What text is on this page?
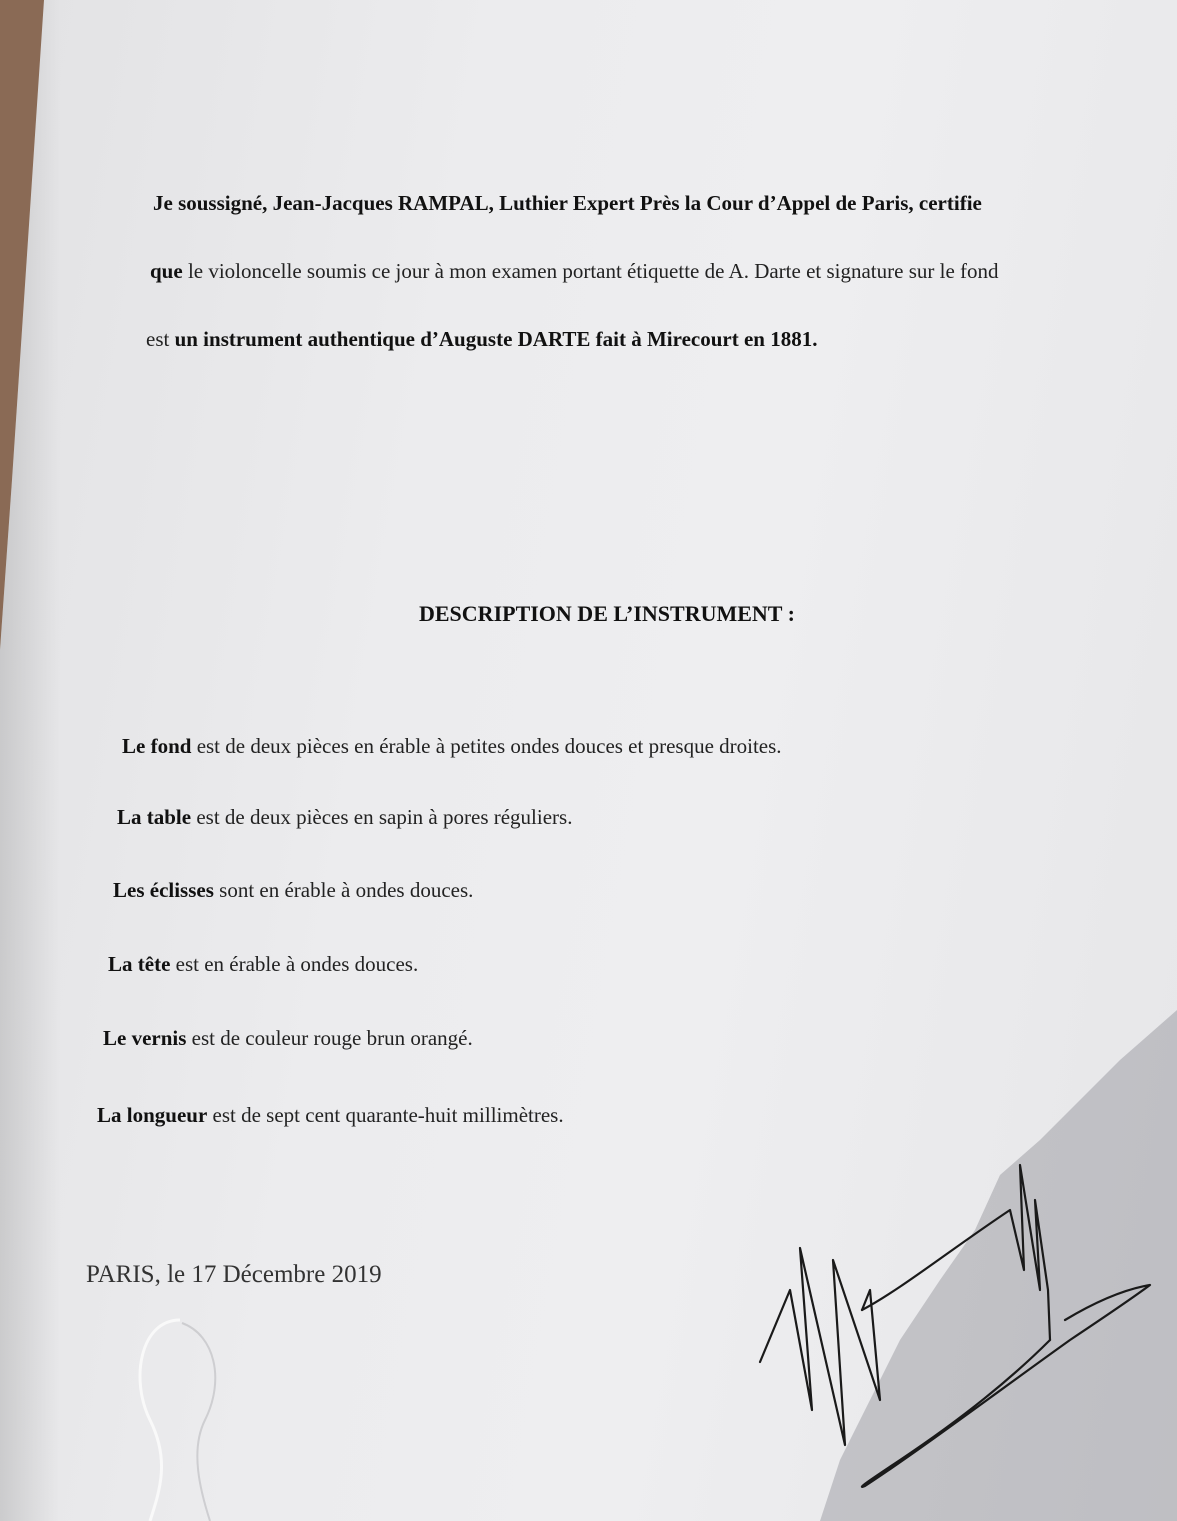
Je soussigné, Jean-Jacques RAMPAL, Luthier Expert Près la Cour d’Appel de Paris, certifie
que le violoncelle soumis ce jour à mon examen portant étiquette de A. Darte et signature sur le fond
est un instrument authentique d’Auguste DARTE fait à Mirecourt en 1881.
DESCRIPTION DE L’INSTRUMENT :
Le fond est de deux pièces en érable à petites ondes douces et presque droites.
La table est de deux pièces en sapin à pores réguliers.
Les éclisses sont en érable à ondes douces.
La tête est en érable à ondes douces.
Le vernis est de couleur rouge brun orangé.
La longueur est de sept cent quarante-huit millimètres.
PARIS, le 17 Décembre 2019
